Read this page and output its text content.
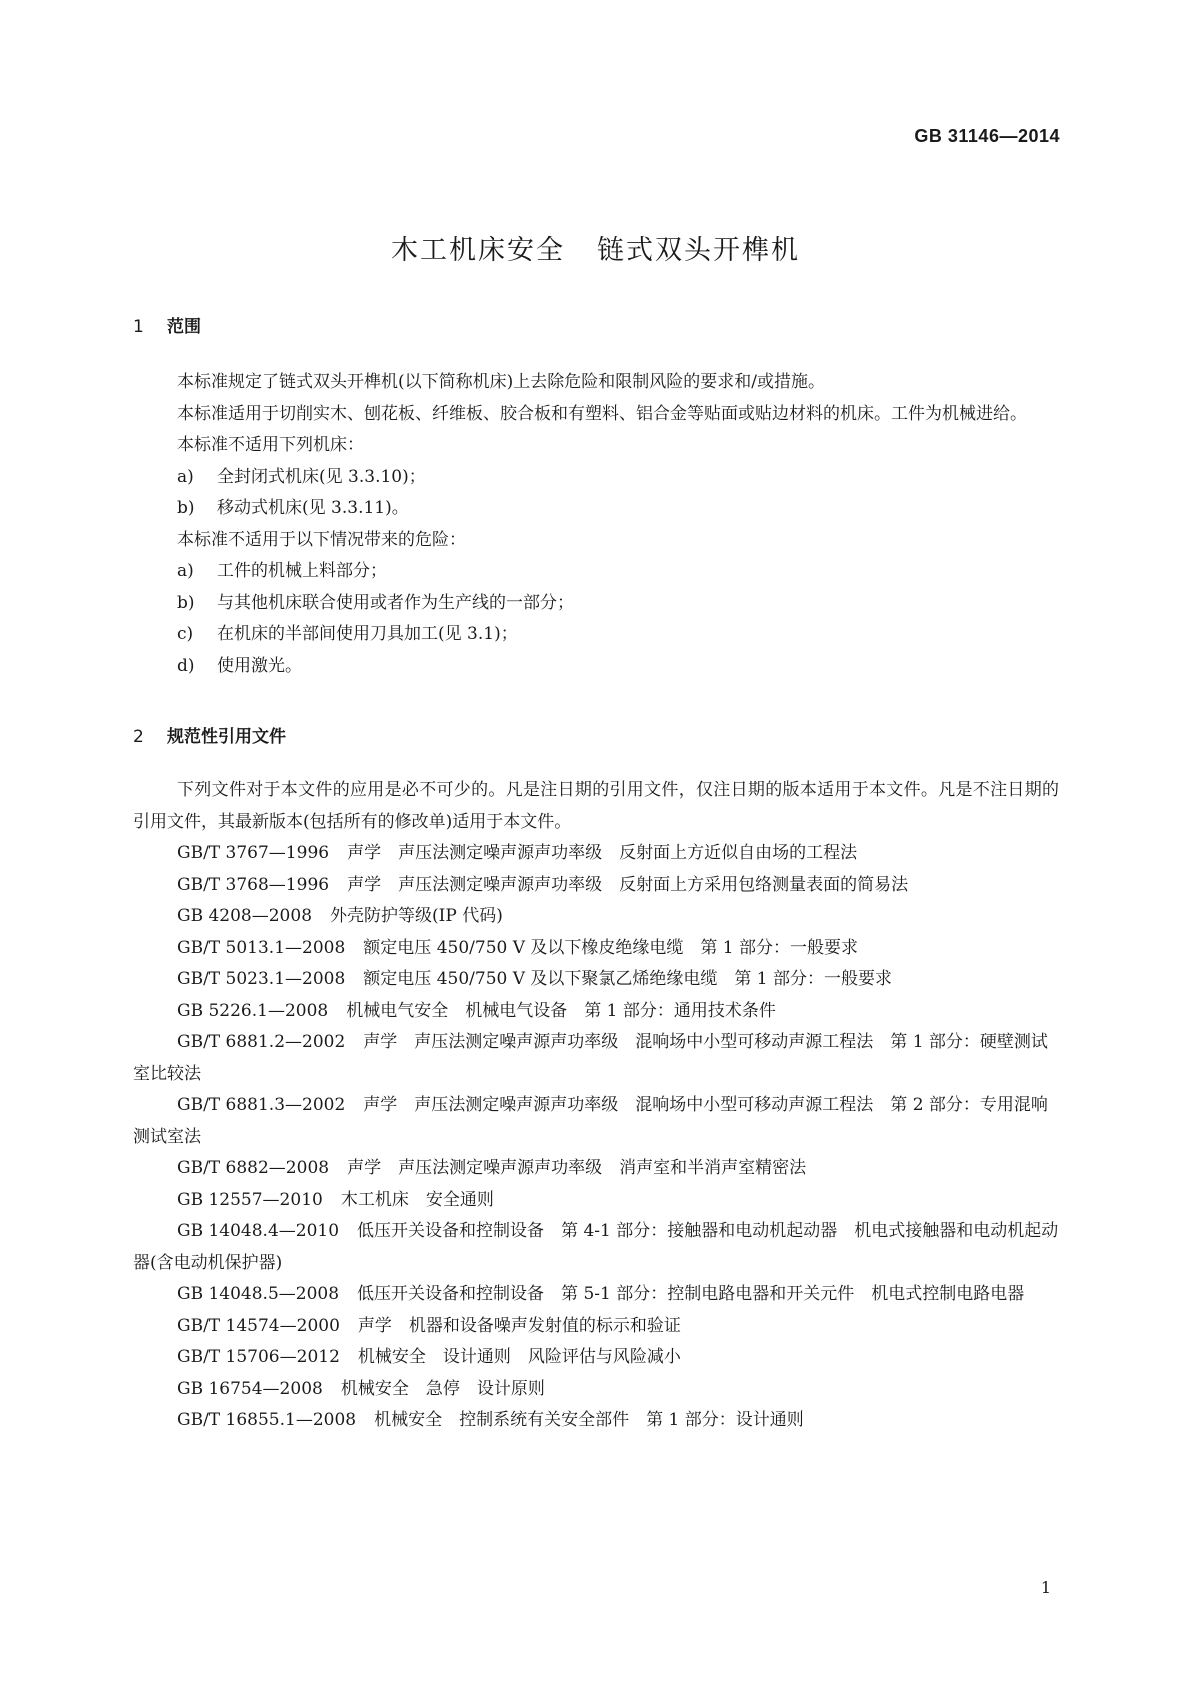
GB 31146—2014
木工机床安全 链式双头开榫机
1 范围
本标准规定了链式双头开榫机(以下简称机床)上去除危险和限制风险的要求和/或措施。
本标准适用于切削实木、刨花板、纤维板、胶合板和有塑料、铝合金等贴面或贴边材料的机床。工件为机械进给。
本标准不适用下列机床：
a) 全封闭式机床(见 3.3.10)；
b) 移动式机床(见 3.3.11)。
本标准不适用于以下情况带来的危险：
a) 工件的机械上料部分；
b) 与其他机床联合使用或者作为生产线的一部分；
c) 在机床的半部间使用刀具加工(见 3.1)；
d) 使用激光。
2 规范性引用文件
下列文件对于本文件的应用是必不可少的。凡是注日期的引用文件，仅注日期的版本适用于本文件。凡是不注日期的引用文件，其最新版本(包括所有的修改单)适用于本文件。
GB/T 3767—1996 声学　声压法测定噪声源声功率级　反射面上方近似自由场的工程法
GB/T 3768—1996 声学　声压法测定噪声源声功率级　反射面上方采用包络测量表面的简易法
GB 4208—2008 外壳防护等级(IP 代码)
GB/T 5013.1—2008 额定电压 450/750 V 及以下橡皮绝缘电缆　第 1 部分：一般要求
GB/T 5023.1—2008 额定电压 450/750 V 及以下聚氯乙烯绝缘电缆　第 1 部分：一般要求
GB 5226.1—2008 机械电气安全　机械电气设备　第 1 部分：通用技术条件
GB/T 6881.2—2002 声学　声压法测定噪声源声功率级　混响场中小型可移动声源工程法　第 1 部分：硬壁测试室比较法
GB/T 6881.3—2002 声学　声压法测定噪声源声功率级　混响场中小型可移动声源工程法　第 2 部分：专用混响测试室法
GB/T 6882—2008 声学　声压法测定噪声源声功率级　消声室和半消声室精密法
GB 12557—2010 木工机床　安全通则
GB 14048.4—2010 低压开关设备和控制设备　第 4-1 部分：接触器和电动机起动器　机电式接触器和电动机起动器(含电动机保护器)
GB 14048.5—2008 低压开关设备和控制设备　第 5-1 部分：控制电路电器和开关元件　机电式控制电路电器
GB/T 14574—2000 声学　机器和设备噪声发射值的标示和验证
GB/T 15706—2012 机械安全　设计通则　风险评估与风险减小
GB 16754—2008 机械安全　急停　设计原则
GB/T 16855.1—2008 机械安全　控制系统有关安全部件　第 1 部分：设计通则
1
